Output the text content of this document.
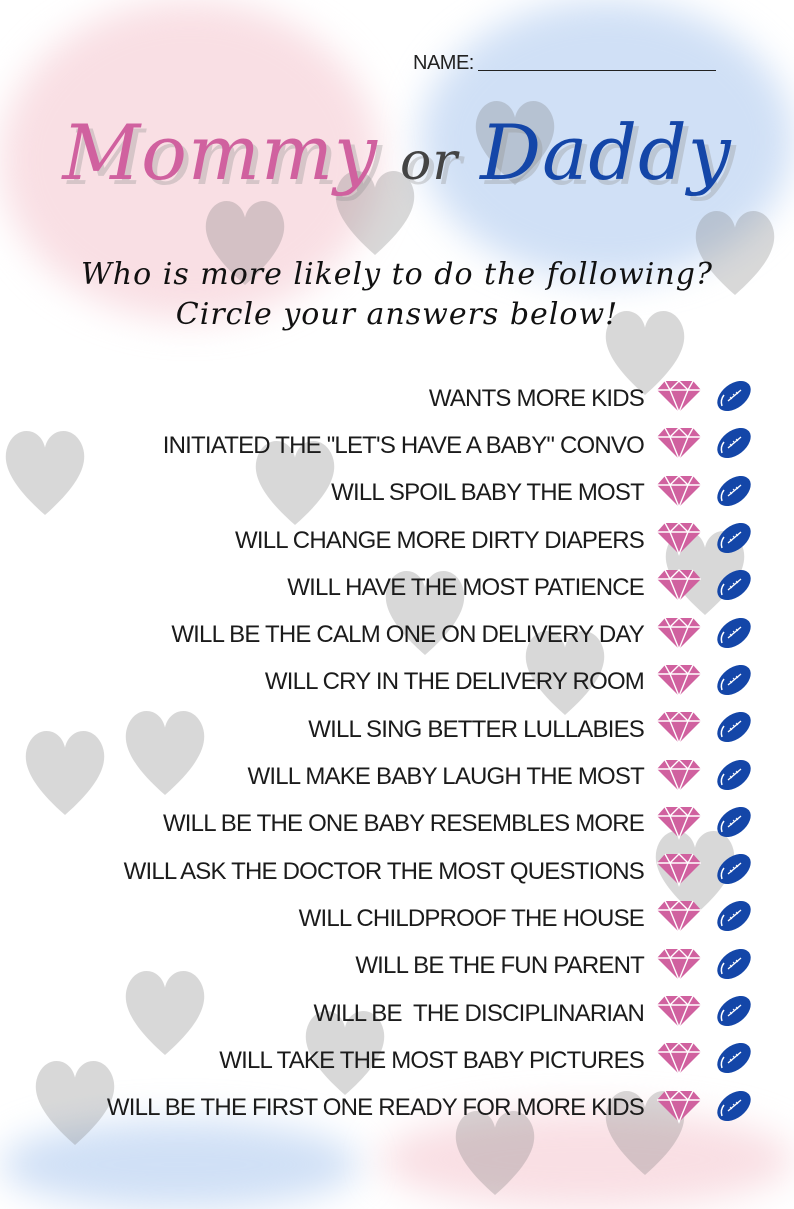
NAME:
Mommy or Daddy
Who is more likely to do the following?
Circle your answers below!
WANTS MORE KIDS
INITIATED THE "LET'S HAVE A BABY" CONVO
WILL SPOIL BABY THE MOST
WILL CHANGE MORE DIRTY DIAPERS
WILL HAVE THE MOST PATIENCE
WILL BE THE CALM ONE ON DELIVERY DAY
WILL CRY IN THE DELIVERY ROOM
WILL SING BETTER LULLABIES
WILL MAKE BABY LAUGH THE MOST
WILL BE THE ONE BABY RESEMBLES MORE
WILL ASK THE DOCTOR THE MOST QUESTIONS
WILL CHILDPROOF THE HOUSE
WILL BE THE FUN PARENT
WILL BE  THE DISCIPLINARIAN
WILL TAKE THE MOST BABY PICTURES
WILL BE THE FIRST ONE READY FOR MORE KIDS
